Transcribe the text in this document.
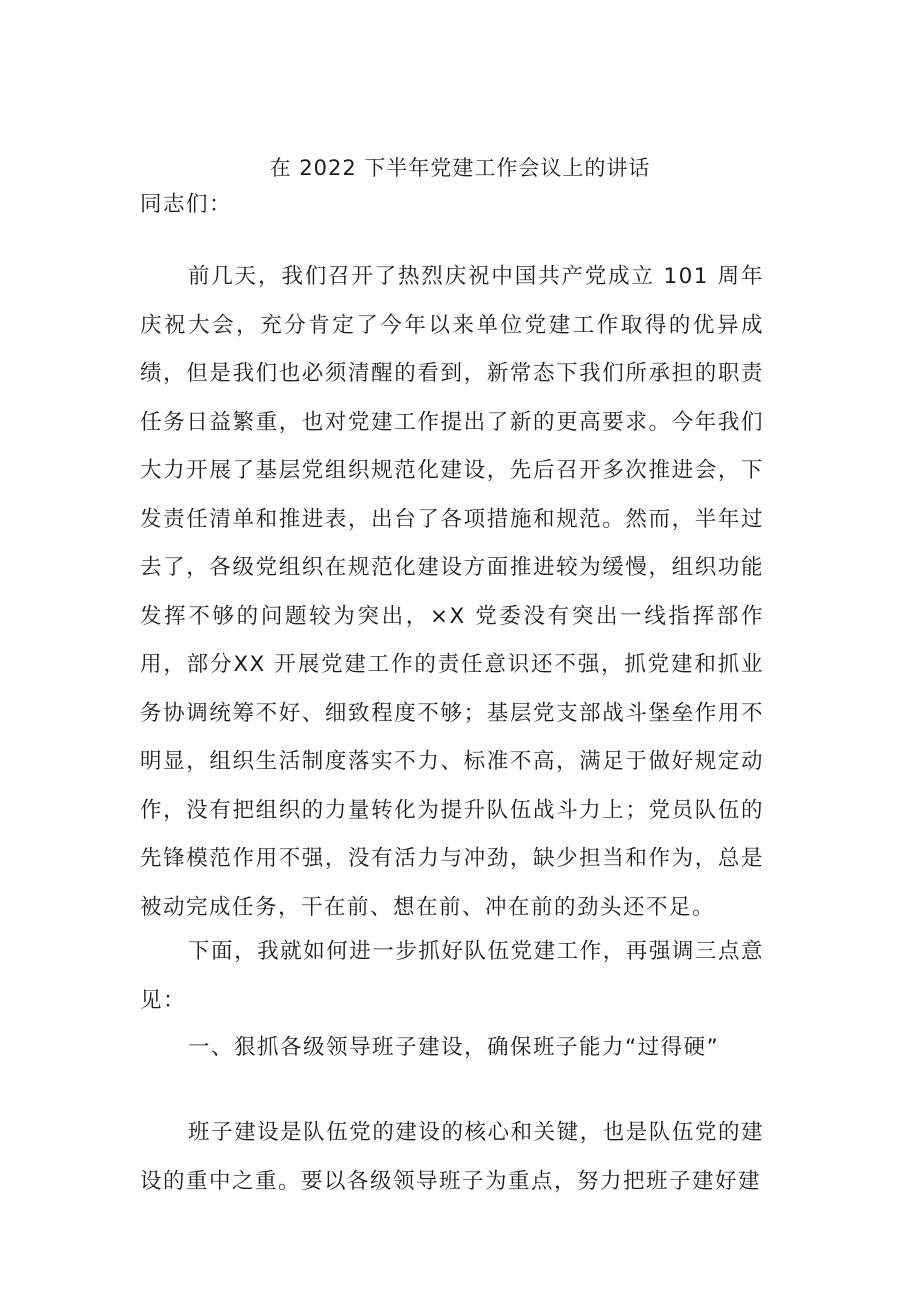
在 2022 下半年党建工作会议上的讲话

同志们：

前几天，我们召开了热烈庆祝中国共产党成立 101 周年庆祝大会，充分肯定了今年以来单位党建工作取得的优异成绩，但是我们也必须清醒的看到，新常态下我们所承担的职责任务日益繁重，也对党建工作提出了新的更高要求。今年我们大力开展了基层党组织规范化建设，先后召开多次推进会，下发责任清单和推进表，出台了各项措施和规范。然而，半年过去了，各级党组织在规范化建设方面推进较为缓慢，组织功能发挥不够的问题较为突出，×X 党委没有突出一线指挥部作用，部分XX 开展党建工作的责任意识还不强，抓党建和抓业务协调统筹不好、细致程度不够；基层党支部战斗堡垒作用不明显，组织生活制度落实不力、标准不高，满足于做好规定动作，没有把组织的力量转化为提升队伍战斗力上；党员队伍的先锋模范作用不强，没有活力与冲劲，缺少担当和作为，总是被动完成任务，干在前、想在前、冲在前的劲头还不足。

下面，我就如何进一步抓好队伍党建工作，再强调三点意见：

一、狠抓各级领导班子建设，确保班子能力“过得硬”

班子建设是队伍党的建设的核心和关键，也是队伍党的建设的重中之重。要以各级领导班子为重点，努力把班子建好建
